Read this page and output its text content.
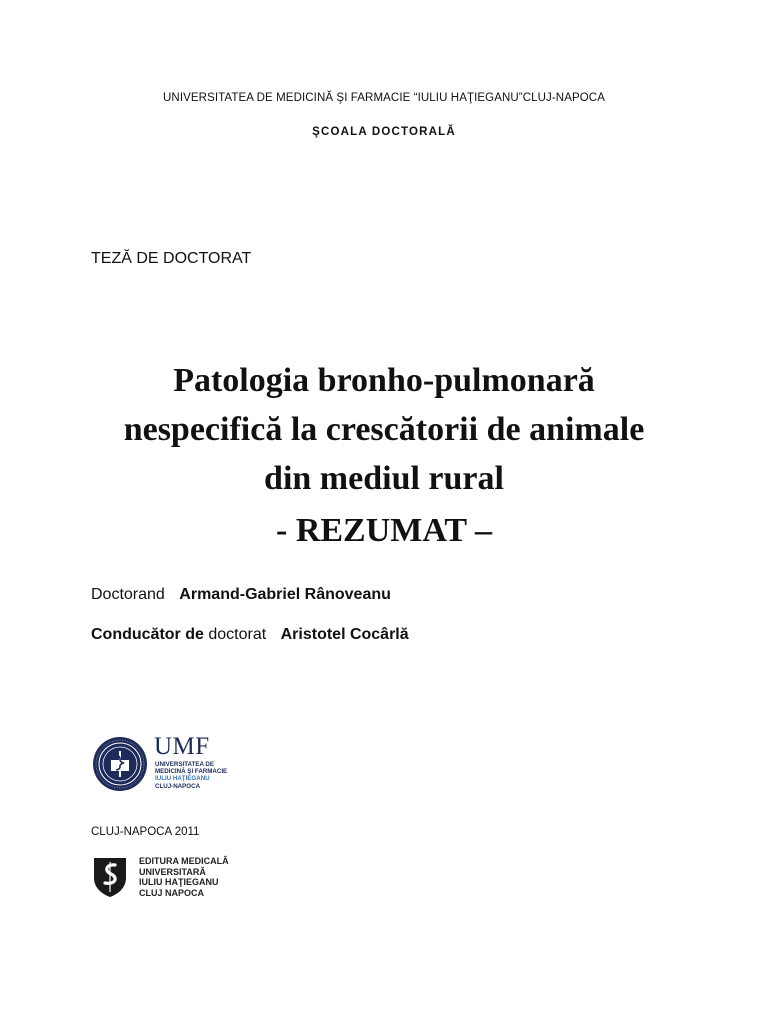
UNIVERSITATEA DE MEDICINĂ ŞI FARMACIE “IULIU HAŢIEGANU”CLUJ-NAPOCA
ŞCOALA DOCTORALĂ
TEZĂ DE DOCTORAT
Patologia bronho-pulmonară
nespecifică la crescătorii de animale
din mediul rural
- REZUMAT –
Doctorand Armand-Gabriel Rânoveanu
Conducător de doctorat Aristotel Cocârlă
UMF
UNIVERSITATEA DE
MEDICINĂ ŞI FARMACIE
IULIU HAŢIEGANU
CLUJ-NAPOCA
CLUJ-NAPOCA 2011
EDITURA MEDICALĂ
UNIVERSITARĂ
IULIU HAŢIEGANU
CLUJ NAPOCA
